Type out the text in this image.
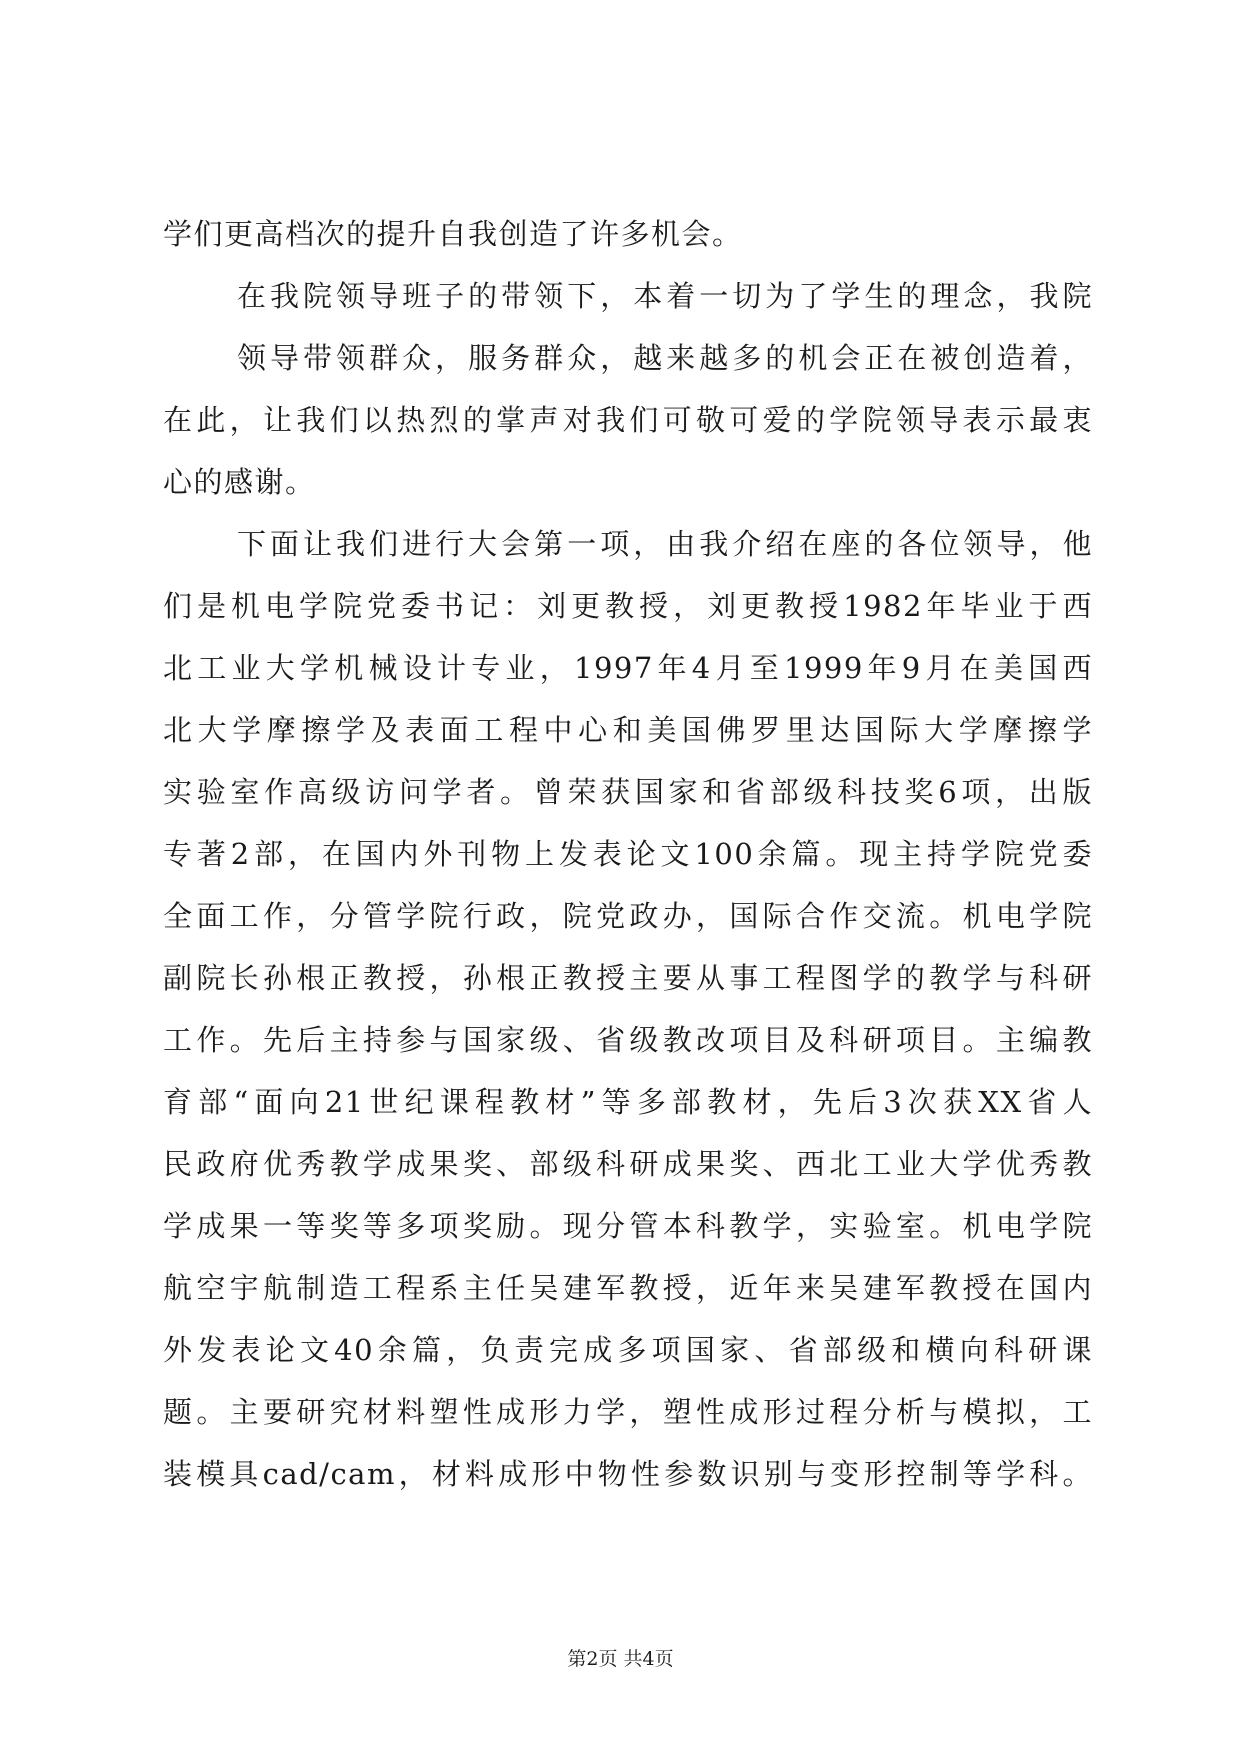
学们更高档次的提升自我创造了许多机会。
在我院领导班子的带领下，本着一切为了学生的理念，我院
领导带领群众，服务群众，越来越多的机会正在被创造着，
在此，让我们以热烈的掌声对我们可敬可爱的学院领导表示最衷
心的感谢。
下面让我们进行大会第一项，由我介绍在座的各位领导，他
们是机电学院党委书记：刘更教授，刘更教授1982年毕业于西
北工业大学机械设计专业，1997年4月至1999年9月在美国西
北大学摩擦学及表面工程中心和美国佛罗里达国际大学摩擦学
实验室作高级访问学者。曾荣获国家和省部级科技奖6项，出版
专著2部，在国内外刊物上发表论文100余篇。现主持学院党委
全面工作，分管学院行政，院党政办，国际合作交流。机电学院
副院长孙根正教授，孙根正教授主要从事工程图学的教学与科研
工作。先后主持参与国家级、省级教改项目及科研项目。主编教
育部“面向21世纪课程教材”等多部教材，先后3次获XX省人
民政府优秀教学成果奖、部级科研成果奖、西北工业大学优秀教
学成果一等奖等多项奖励。现分管本科教学，实验室。机电学院
航空宇航制造工程系主任吴建军教授，近年来吴建军教授在国内
外发表论文40余篇，负责完成多项国家、省部级和横向科研课
题。主要研究材料塑性成形力学，塑性成形过程分析与模拟，工
装模具cad/cam，材料成形中物性参数识别与变形控制等学科。
第2页 共4页
